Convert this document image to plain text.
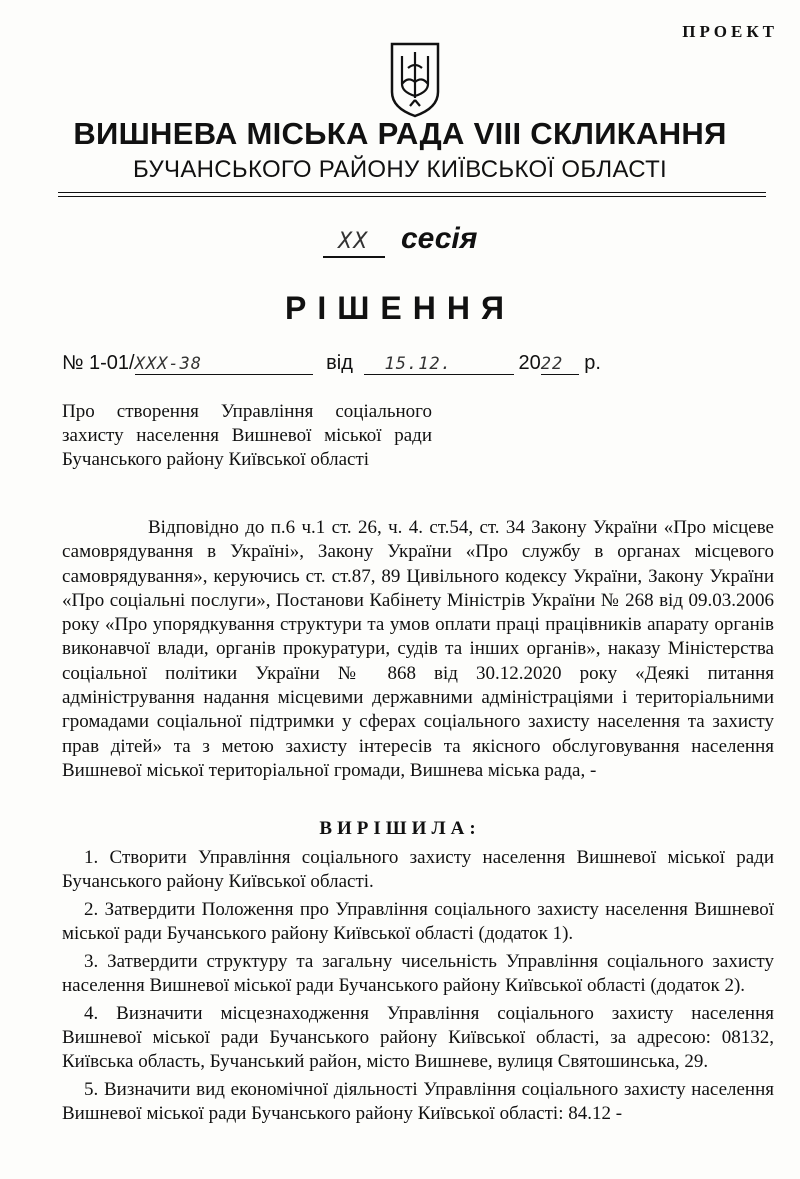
ПРОЕКТ
ВИШНЕВА МІСЬКА РАДА VIII СКЛИКАННЯ
БУЧАНСЬКОГО РАЙОНУ КИЇВСЬКОЇ ОБЛАСТІ
XX сесія
РІШЕННЯ
№ 1-01/XXX-38	від 15.12.	2022 р.
Про створення Управління соціального захисту населення Вишневої міської ради Бучанського району Київської області
Відповідно до п.6 ч.1 ст. 26, ч. 4. ст.54, ст. 34 Закону України «Про місцеве самоврядування в Україні», Закону України «Про службу в органах місцевого самоврядування», керуючись ст. ст.87, 89 Цивільного кодексу України, Закону України «Про соціальні послуги», Постанови Кабінету Міністрів України № 268 від 09.03.2006 року «Про упорядкування структури та умов оплати праці працівників апарату органів виконавчої влади, органів прокуратури, судів та інших органів», наказу Міністерства соціальної політики України № 868 від 30.12.2020 року «Деякі питання адміністрування надання місцевими державними адміністраціями і територіальними громадами соціальної підтримки у сферах соціального захисту населення та захисту прав дітей» та з метою захисту інтересів та якісного обслуговування населення Вишневої міської територіальної громади, Вишнева міська рада, -
ВИРІШИЛА:
1. Створити Управління соціального захисту населення Вишневої міської ради Бучанського району Київської області.
2. Затвердити Положення про Управління соціального захисту населення Вишневої міської ради Бучанського району Київської області (додаток 1).
3. Затвердити структуру та загальну чисельність Управління соціального захисту населення Вишневої міської ради Бучанського району Київської області (додаток 2).
4. Визначити місцезнаходження Управління соціального захисту населення Вишневої міської ради Бучанського району Київської області, за адресою: 08132, Київська область, Бучанський район, місто Вишневе, вулиця Святошинська, 29.
5. Визначити вид економічної діяльності Управління соціального захисту населення Вишневої міської ради Бучанського району Київської області: 84.12 -
